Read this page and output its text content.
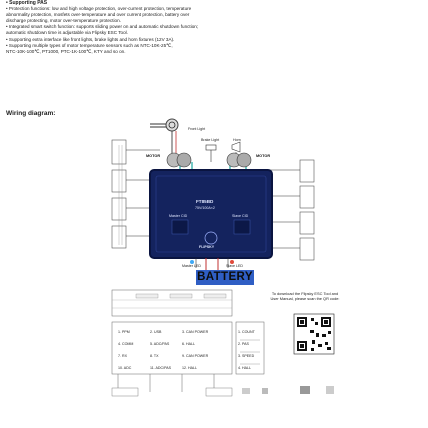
• Supporting PAS
• Protection functions: low and high voltage protection, over-current protection, temperature
abnormality protection, mosfets over-temperature and over current protection, battery over
discharge protecting, motor over-temperature protection.
• Integrated smart switch function: supports sliding power on and automatic shutdown function;
automatic shutdown time is adjustable via Flipsky ESC Tool.
• Supporting extra interface like front lights, brake lights and horn fixtures (12V 3A).
• Supporting multiple types of motor temperature sensors such as NTC-10K-25℃,
NTC-10K-100℃, PT1000, PTC-1K-100℃, KTY and so on.
Wiring diagram:
Front Light
Brake Light	Horn
MOTOR	MOTOR
FT85BD
75V/100A×2
Master CID	Slave CID
FLIPSKY
Master LED	Slave LED
BATTERY
1. PPM	2. USB	3. CAN POWER	1. COUNT
4. COMM	5. ADC/PAS	6. HALL	2. PAS
7. RX	8. TX	9. CAN POWER	3. SPEED
10. ADC	11. ADC/PAS	12. HALL	4. HALL
To download the Flipsky ESC Tool and User Manual, please scan the QR code:
